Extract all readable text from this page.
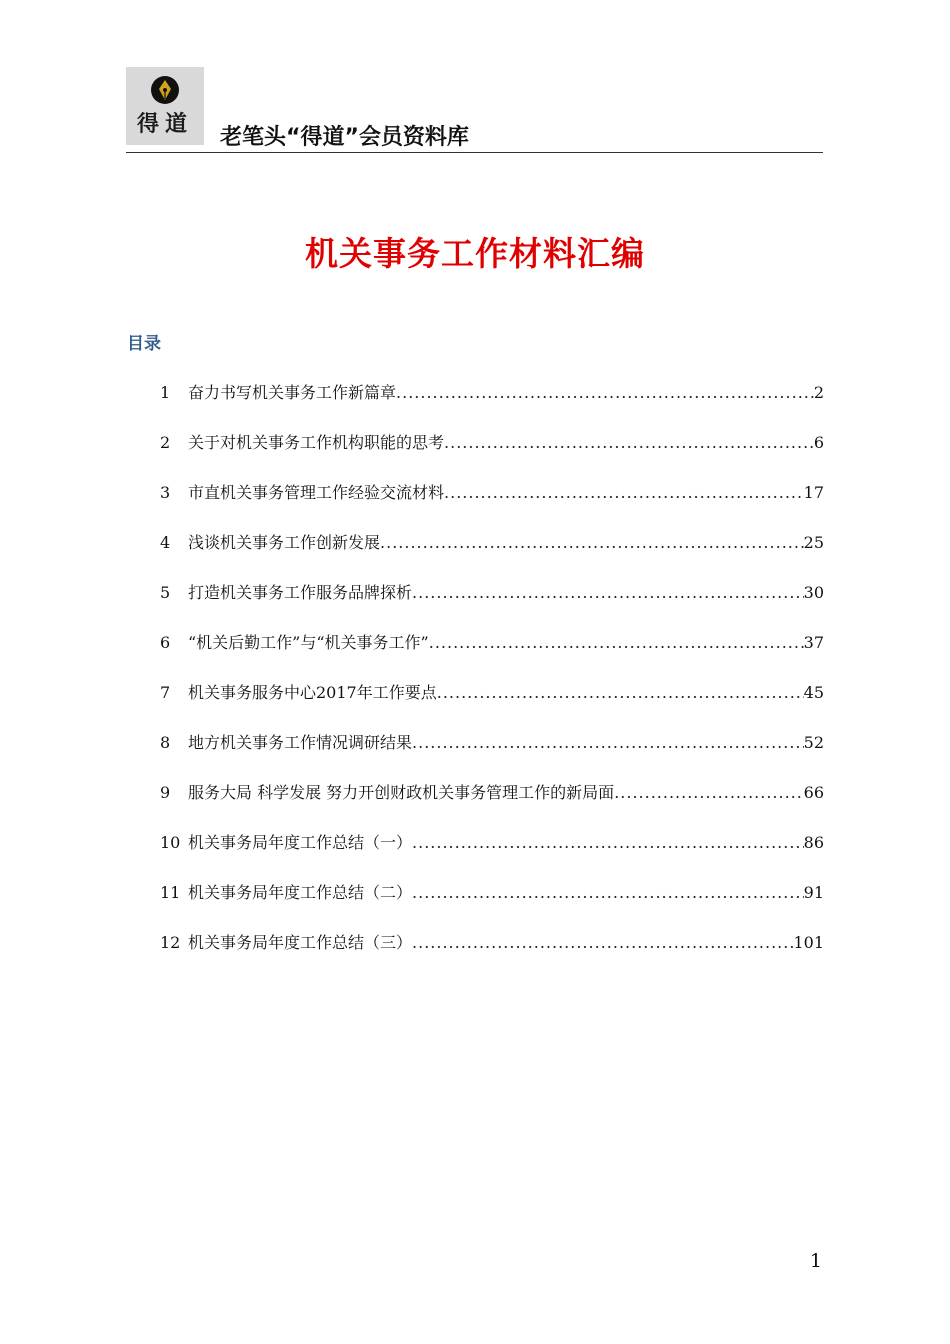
得道
老笔头“得道”会员资料库
机关事务工作材料汇编
目录
1	奋力书写机关事务工作新篇章 .....	2
2	关于对机关事务工作机构职能的思考 .....	6
3	市直机关事务管理工作经验交流材料 .....	17
4	浅谈机关事务工作创新发展 .....	25
5	打造机关事务工作服务品牌探析 .....	30
6	“机关后勤工作”与“机关事务工作” .....	37
7	机关事务服务中心2017年工作要点 .....	45
8	地方机关事务工作情况调研结果 .....	52
9	服务大局 科学发展 努力开创财政机关事务管理工作的新局面 .....	66
10 机关事务局年度工作总结（一） .....	86
11 机关事务局年度工作总结（二） .....	91
12 机关事务局年度工作总结（三） .....	101
1
